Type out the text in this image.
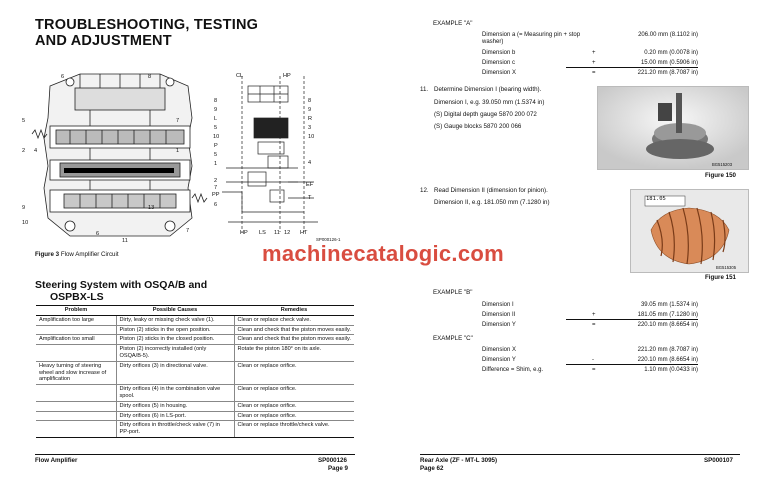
TROUBLESHOOTING, TESTING
AND ADJUSTMENT
6	8
5	7
2 4	1
13
6
11
7
9
10
CL	HP
8
9
L
5
10
P
5
1
2
7
PP
6
8
9
R
3
10
4
EF
T
HP LS 11 12 HT
SP000126-1
Figure 3 Flow Amplifier Circuit	machinecatalogic.com
Steering System with OSQA/B and
OSPBX-LS
Problem	Possible Causes	Remedies
Amplification too large	Dirty, leaky or missing check valve (1).	Clean or replace check valve.
	Piston (2) sticks in the open position.	Clean and check that the piston moves easily.
Amplification too small	Piston (2) sticks in the closed position.	Clean and check that the piston moves easily.
	Piston (2) incorrectly installed (only OSQA/B-5).	Rotate the piston 180° on its axle.
Heavy turning of steering wheel and slow increase of amplification	Dirty orifices (3) in directional valve.	Clean or replace orifice.
	Dirty orifices (4) in the combination valve spool.	Clean or replace orifice.
	Dirty orifices (5) in housing.	Clean or replace orifice.
	Dirty orifices (6) in LS-port.	Clean or replace orifice.
	Dirty orifices in throttle/check valve (7) in PP-port.	Clean or replace throttle/check valve.
Flow Amplifier	SP000126
Page 9
EXAMPLE "A"
Dimension a (= Measuring pin + stop washer)
206.00 mm (8.1102 in)
Dimension b	+	0.20 mm (0.0078 in)
Dimension c	+	15.00 mm (0.5906 in)
Dimension X	=	221.20 mm (8.7087 in)
11. Determine Dimension I (bearing width).
Dimension I, e.g. 39.050 mm (1.5374 in)
(S) Digital depth gauge 5870 200 072
(S) Gauge blocks 5870 200 066
BG515203
Figure 150
12. Read Dimension II (dimension for pinion).
Dimension II, e.g. 181.050 mm (7.1280 in)	181.05
BG515305
Figure 151
EXAMPLE "B"
Dimension I	39.05 mm (1.5374 in)
Dimension II	+	181.05 mm (7.1280 in)
Dimension Y	=	220.10 mm (8.6654 in)
EXAMPLE "C"
Dimension X	221.20 mm (8.7087 in)
Dimension Y	-	220.10 mm (8.6654 in)
Difference = Shim, e.g.	=	1.10 mm (0.0433 in)
Rear Axle (ZF - MT-L 3095)
Page 62
SP000107
